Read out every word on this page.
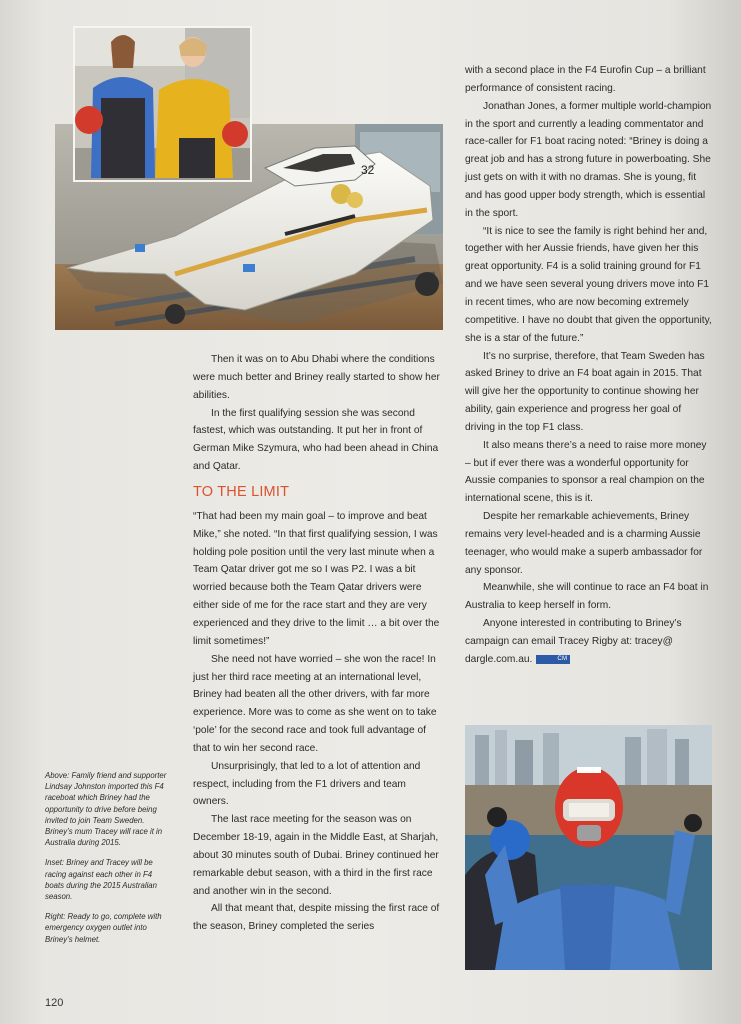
32

Then it was on to Abu Dhabi where the conditions were much better and Briney really started to show her abilities.

In the first qualifying session she was second fastest, which was outstanding. It put her in front of German Mike Szymura, who had been ahead in China and Qatar.

TO THE LIMIT

“That had been my main goal – to improve and beat Mike,” she noted. “In that first qualifying session, I was holding pole position until the very last minute when a Team Qatar driver got me so I was P2. I was a bit worried because both the Team Qatar drivers were either side of me for the race start and they are very experienced and they drive to the limit … a bit over the limit sometimes!”

She need not have worried – she won the race! In just her third race meeting at an international level, Briney had beaten all the other drivers, with far more experience. More was to come as she went on to take ‘pole’ for the second race and took full advantage of that to win her second race.

Unsurprisingly, that led to a lot of attention and respect, including from the F1 drivers and team owners.

The last race meeting for the season was on December 18-19, again in the Middle East, at Sharjah, about 30 minutes south of Dubai. Briney continued her remarkable debut season, with a third in the first race and another win in the second.

All that meant that, despite missing the first race of the season, Briney completed the series

with a second place in the F4 Eurofin Cup – a brilliant performance of consistent racing.

Jonathan Jones, a former multiple world-champion in the sport and currently a leading commentator and race-caller for F1 boat racing noted: “Briney is doing a great job and has a strong future in powerboating. She just gets on with it with no dramas. She is young, fit and has good upper body strength, which is essential in the sport.

“It is nice to see the family is right behind her and, together with her Aussie friends, have given her this great opportunity. F4 is a solid training ground for F1 and we have seen several young drivers move into F1 in recent times, who are now becoming extremely competitive. I have no doubt that given the opportunity, she is a star of the future.”

It’s no surprise, therefore, that Team Sweden has asked Briney to drive an F4 boat again in 2015. That will give her the opportunity to continue showing her ability, gain experience and progress her goal of driving in the top F1 class.

It also means there’s a need to raise more money – but if ever there was a wonderful opportunity for Aussie companies to sponsor a real champion on the international scene, this is it.

Despite her remarkable achievements, Briney remains very level-headed and is a charming Aussie teenager, who would make a superb ambassador for any sponsor.

Meanwhile, she will continue to race an F4 boat in Australia to keep herself in form.

Anyone interested in contributing to Briney’s campaign can email Tracey Rigby at: tracey@ dargle.com.au.	CM

Above: Family friend and supporter Lindsay Johnston imported this F4 raceboat which Briney had the opportunity to drive before being invited to join Team Sweden. Briney’s mum Tracey will race it in Australia during 2015.

Inset: Briney and Tracey will be racing against each other in F4 boats during the 2015 Australian season.

Right: Ready to go, complete with emergency oxygen outlet into Briney’s helmet.

120
